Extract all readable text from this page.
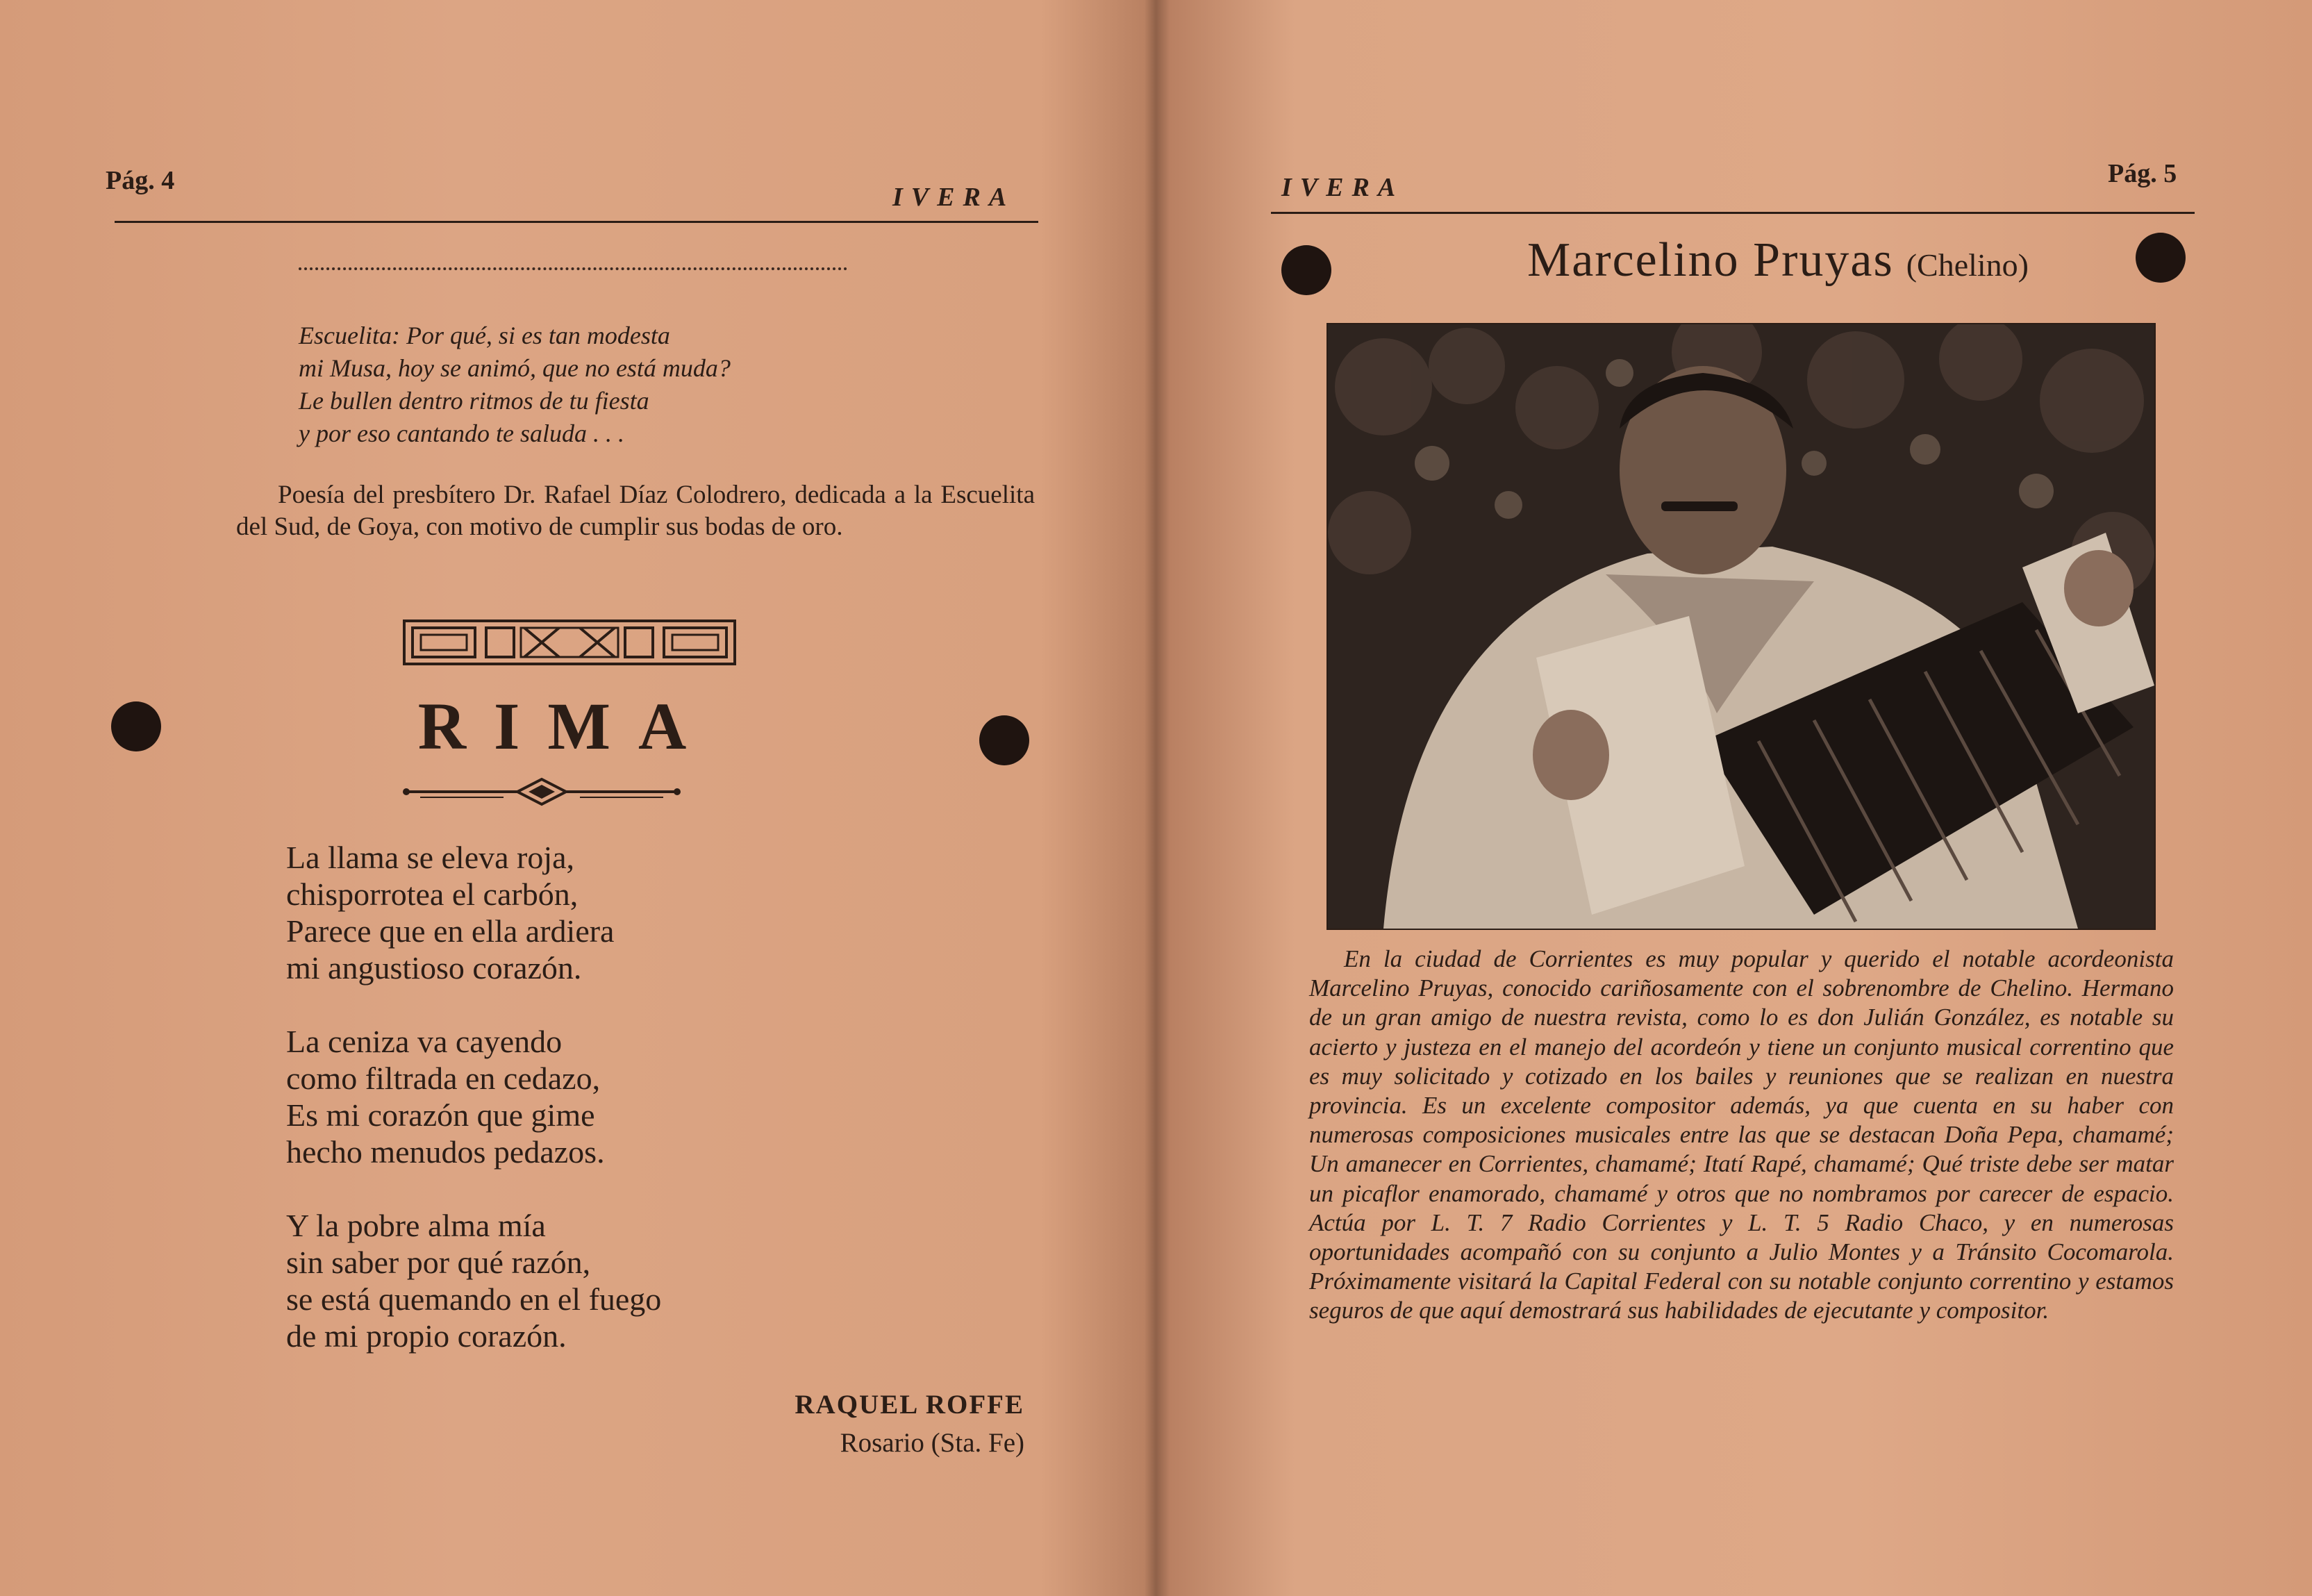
Pág. 4
IVERA
Escuelita: Por qué, si es tan modesta
mi Musa, hoy se animó, que no está muda?
Le bullen dentro ritmos de tu fiesta
y por eso cantando te saluda . . .
Poesía del presbítero Dr. Rafael Díaz Colodrero, dedicada a la Escuelita del Sud, de Goya, con motivo de cumplir sus bodas de oro.
RIMA
La llama se eleva roja,
chisporrotea el carbón,
Parece que en ella ardiera
mi angustioso corazón.
La ceniza va cayendo
como filtrada en cedazo,
Es mi corazón que gime
hecho menudos pedazos.
Y la pobre alma mía
sin saber por qué razón,
se está quemando en el fuego
de mi propio corazón.
RAQUEL ROFFE
Rosario (Sta. Fe)
IVERA	Pág. 5
Marcelino Pruyas (Chelino)
En la ciudad de Corrientes es muy popular y querido el notable acordeonista Marcelino Pruyas, conocido cariñosamente con el sobrenombre de Chelino. Hermano de un gran amigo de nuestra revista, como lo es don Julián González, es notable su acierto y justeza en el manejo del acordeón y tiene un conjunto musical correntino que es muy solicitado y cotizado en los bailes y reuniones que se realizan en nuestra provincia. Es un excelente compositor además, ya que cuenta en su haber con numerosas composiciones musicales entre las que se destacan Doña Pepa, chamamé; Un amanecer en Corrientes, chamamé; Itatí Rapé, chamamé; Qué triste debe ser matar un picaflor enamorado, chamamé y otros que no nombramos por carecer de espacio. Actúa por L. T. 7 Radio Corrientes y L. T. 5 Radio Chaco, y en numerosas oportunidades acompañó con su conjunto a Julio Montes y a Tránsito Cocomarola. Próximamente visitará la Capital Federal con su notable conjunto correntino y estamos seguros de que aquí demostrará sus habilidades de ejecutante y compositor.
